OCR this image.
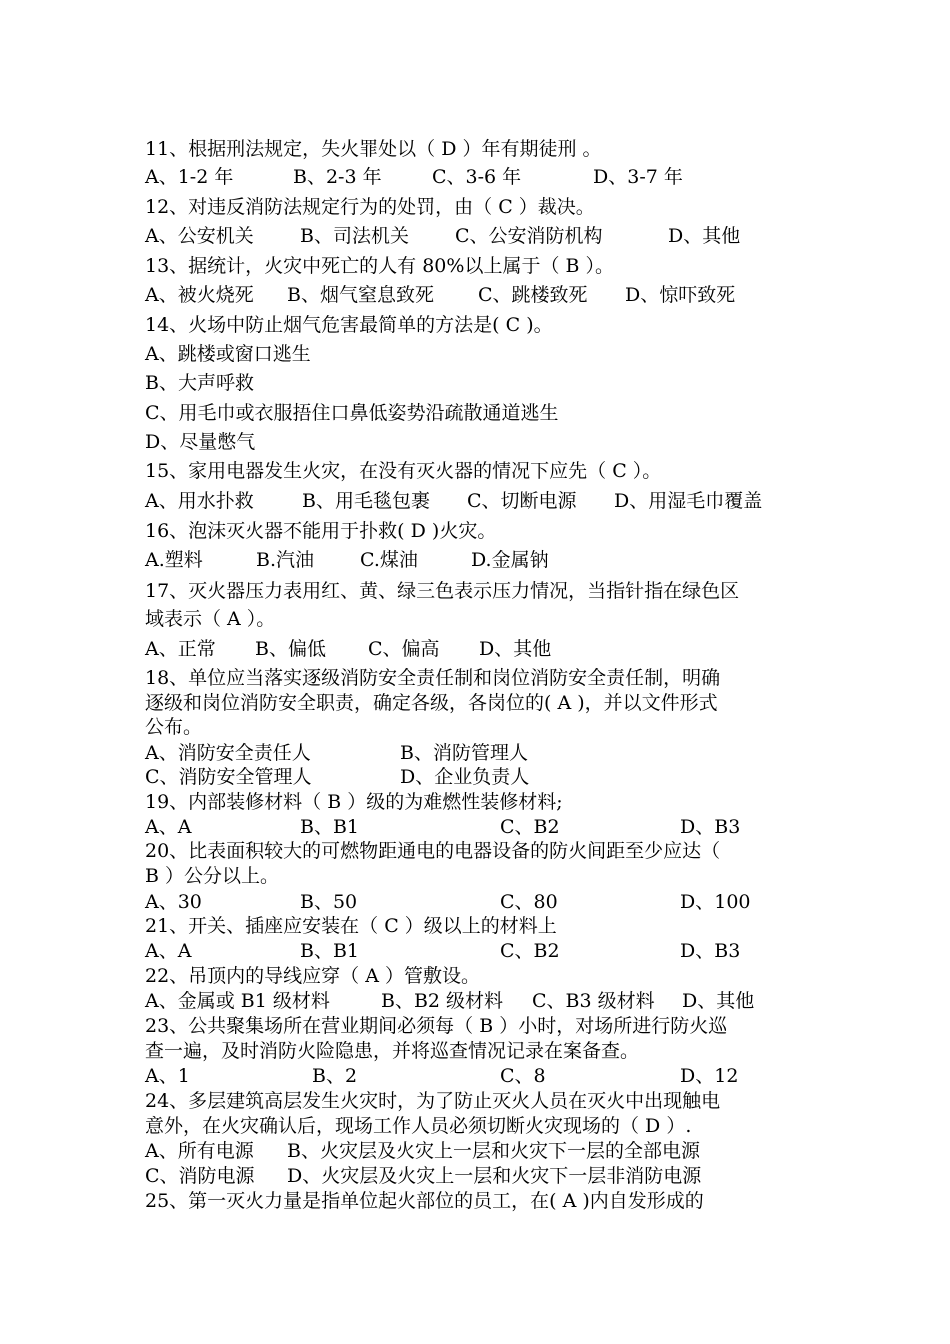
11、根据刑法规定，失火罪处以（ D ）年有期徒刑 。
A、1-2 年	B、2-3 年	C、3-6 年	D、3-7 年
12、对违反消防法规定行为的处罚，由（ C ）裁决。
A、公安机关 B、司法机关 C、公安消防机构	D、其他
13、据统计，火灾中死亡的人有 80%以上属于（ B ）。
A、被火烧死 B、烟气窒息致死 C、跳楼致死 D、惊吓致死
14、火场中防止烟气危害最简单的方法是( C )。
A、跳楼或窗口逃生
B、大声呼救
C、用毛巾或衣服捂住口鼻低姿势沿疏散通道逃生
D、尽量憋气
15、家用电器发生火灾，在没有灭火器的情况下应先（ C ）。
A、用水扑救	B、用毛毯包裹 C、切断电源 D、用湿毛巾覆盖
16、泡沫灭火器不能用于扑救( D )火灾。
A.塑料	B.汽油 C.煤油	D.金属钠
17、灭火器压力表用红、黄、绿三色表示压力情况，当指针指在绿色区
域表示（ A ）。
A、正常 B、偏低 C、偏高 D、其他
18、单位应当落实逐级消防安全责任制和岗位消防安全责任制，明确
逐级和岗位消防安全职责，确定各级，各岗位的( A )，并以文件形式
公布。
A、消防安全责任人	B、消防管理人
C、消防安全管理人	D、企业负责人
19、内部装修材料（ B ）级的为难燃性装修材料;
A、A	B、B1	C、B2	D、B3
20、比表面积较大的可燃物距通电的电器设备的防火间距至少应达（
B ）公分以上。
A、30	B、50	C、80	D、100
21、开关、插座应安装在（ C ）级以上的材料上
A、A	B、B1	C、B2	D、B3
22、吊顶内的导线应穿（ A ）管敷设。
A、金属或 B1 级材料	B、B2 级材料 C、B3 级材料 D、其他
23、公共聚集场所在营业期间必须每（ B ）小时，对场所进行防火巡
查一遍，及时消防火险隐患，并将巡查情况记录在案备查。
A、1	B、2	C、8	D、12
24、多层建筑高层发生火灾时，为了防止灭火人员在灭火中出现触电
意外，在火灾确认后，现场工作人员必须切断火灾现场的（ D ）.
A、所有电源 B、火灾层及火灾上一层和火灾下一层的全部电源
C、消防电源 D、火灾层及火灾上一层和火灾下一层非消防电源
25、第一灭火力量是指单位起火部位的员工，在( A )内自发形成的
